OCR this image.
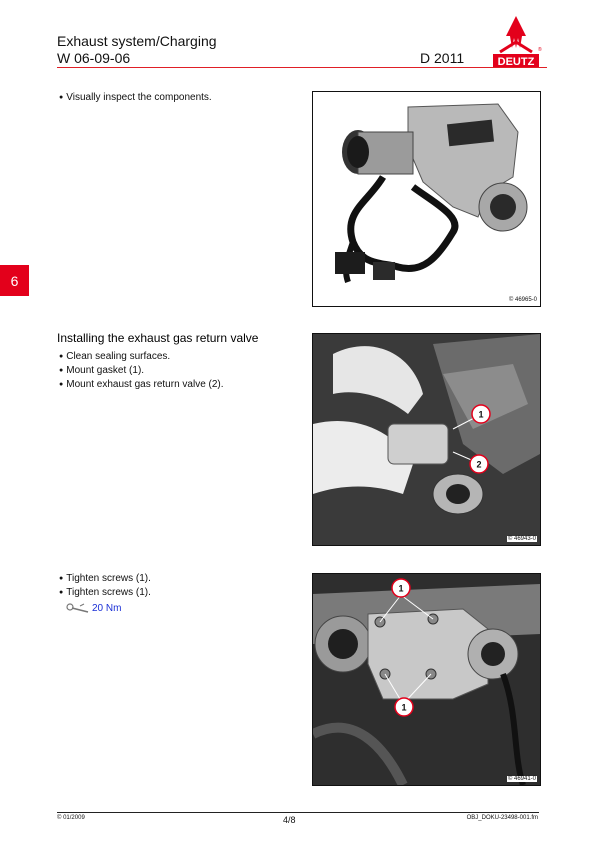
Exhaust system/Charging
W 06-09-06	D 2011	DEUTZ
®
6
● Visually inspect the components.
© 46965-0
Installing the exhaust gas return valve
● Clean sealing surfaces.
● Mount gasket (1).
● Mount exhaust gas return valve (2).
1
2
© 46943-0
● Tighten screws (1).
● Tighten screws (1).
20 Nm
1
1
© 46941-0
© 01/2009	4/8	OBJ_DOKU-23498-001.fm
